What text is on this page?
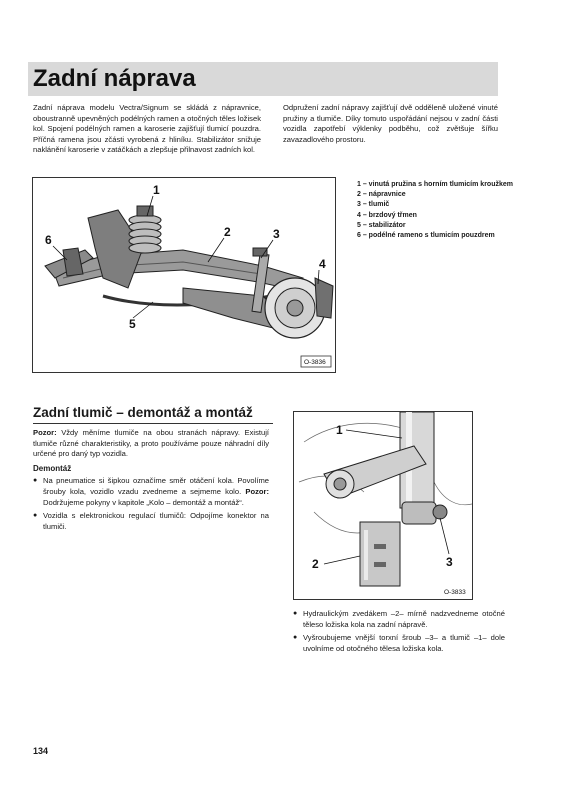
Zadní náprava

Zadní náprava modelu Vectra/Signum se skládá z nápravnice, oboustranně upevněných podélných ramen a otočných těles ložisek kol. Spojení podélných ramen a karoserie zajišťují tlumicí pouzdra. Příčná ramena jsou zčásti vyrobená z hliníku. Stabilizátor snižuje naklánění karoserie v zatáčkách a zlepšuje přilnavost zadních kol.

Odpružení zadní nápravy zajišťují dvě odděleně uložené vinuté pružiny a tlumiče. Díky tomuto uspořádání nejsou v zadní části vozidla zapotřebí výklenky podběhu, což zvětšuje šířku zavazadlového prostoru.

1
2	3
4
5
6
O-3836
1 – vinutá pružina s horním tlumicím kroužkem
2 – nápravnice
3 – tlumič
4 – brzdový třmen
5 – stabilizátor
6 – podélné rameno s tlumicím pouzdrem
Zadní tlumič – demontáž a montáž

Pozor: Vždy měníme tlumiče na obou stranách nápravy. Existují tlumiče různé charakteristiky, a proto používáme pouze náhradní díly určené pro daný typ vozidla.

Demontáž
● Na pneumatice si šipkou označíme směr otáčení kola. Povolíme šrouby kola, vozidlo vzadu zvedneme a sejmeme kolo. Pozor: Dodržujeme pokyny v kapitole „Kolo – demontáž a montáž“.
● Vozidla s elektronickou regulací tlumičů: Odpojíme konektor na tlumiči.
1
2	3
O-3833
● Hydraulickým zvedákem –2– mírně nadzvedneme otočné těleso ložiska kola na zadní nápravě.
● Vyšroubujeme vnější torxní šroub –3– a tlumič –1– dole uvolníme od otočného tělesa ložiska kola.
134
